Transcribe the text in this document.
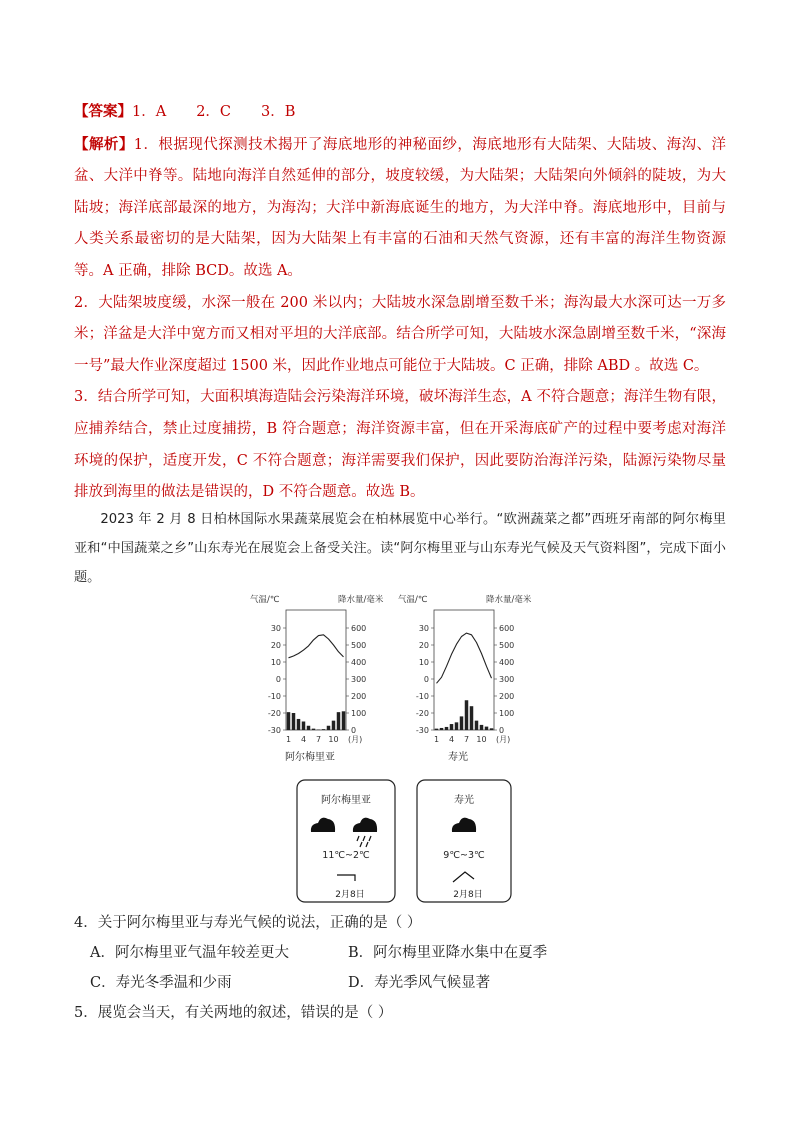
【答案】1．A 2．C 3．B

【解析】1．根据现代探测技术揭开了海底地形的神秘面纱，海底地形有大陆架、大陆坡、海沟、洋盆、大洋中脊等。陆地向海洋自然延伸的部分，坡度较缓，为大陆架；大陆架向外倾斜的陡坡，为大陆坡；海洋底部最深的地方，为海沟；大洋中新海底诞生的地方，为大洋中脊。海底地形中，目前与人类关系最密切的是大陆架，因为大陆架上有丰富的石油和天然气资源，还有丰富的海洋生物资源等。A 正确，排除 BCD。故选 A。

2．大陆架坡度缓，水深一般在 200 米以内；大陆坡水深急剧增至数千米；海沟最大水深可达一万多米；洋盆是大洋中宽方而又相对平坦的大洋底部。结合所学可知，大陆坡水深急剧增至数千米，“深海一号”最大作业深度超过 1500 米，因此作业地点可能位于大陆坡。C 正确，排除 ABD 。故选 C。

3．结合所学可知，大面积填海造陆会污染海洋环境，破坏海洋生态，A 不符合题意；海洋生物有限，应捕养结合，禁止过度捕捞，B 符合题意；海洋资源丰富，但在开采海底矿产的过程中要考虑对海洋环境的保护，适度开发，C 不符合题意；海洋需要我们保护，因此要防治海洋污染，陆源污染物尽量排放到海里的做法是错误的，D 不符合题意。故选 B。

2023 年 2 月 8 日柏林国际水果蔬菜展览会在柏林展览中心举行。“欧洲蔬菜之都”西班牙南部的阿尔梅里亚和“中国蔬菜之乡”山东寿光在展览会上备受关注。读“阿尔梅里亚与山东寿光气候及天气资料图”，完成下面小题。

气温/℃	降水量/毫米
30
20
10
0
-10
-20
-30
600
500
400
300
200
100
0
1 4 7 10 (月)
阿尔梅里亚
气温/℃	降水量/毫米
30
20
10
0
-10
-20
-30
600
500
400
300
200
100
0
1 4 7 10 (月)
寿光
阿尔梅里亚
11℃~2℃
2月8日
寿光
9℃~3℃
2月8日

4．关于阿尔梅里亚与寿光气候的说法，正确的是（ ）

A．阿尔梅里亚气温年较差更大	B．阿尔梅里亚降水集中在夏季
C．寿光冬季温和少雨	D．寿光季风气候显著

5．展览会当天，有关两地的叙述，错误的是（ ）
